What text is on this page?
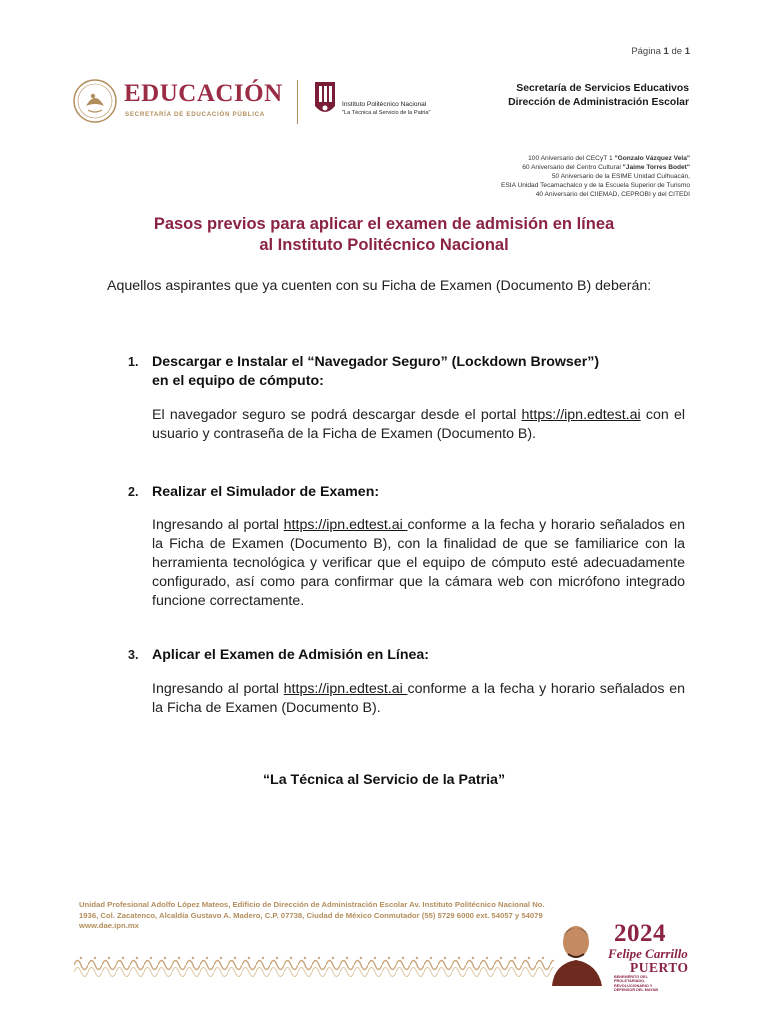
Página 1 de 1
EDUCACIÓN
SECRETARÍA DE EDUCACIÓN PÚBLICA
Instituto Politécnico Nacional
"La Técnica al Servicio de la Patria"
Secretaría de Servicios Educativos
Dirección de Administración Escolar
100 Aniversario del CECyT 1 "Gonzalo Vázquez Vela"
60 Aniversario del Centro Cultural "Jaime Torres Bodet"
50 Aniversario de la ESIME Unidad Culhuacán,
ESIA Unidad Tecamachalco y de la Escuela Superior de Turismo
40 Aniversario del CIIEMAD, CEPROBI y del CITEDI
Pasos previos para aplicar el examen de admisión en línea
al Instituto Politécnico Nacional
Aquellos aspirantes que ya cuenten con su Ficha de Examen (Documento B) deberán:
1. Descargar e Instalar el “Navegador Seguro” (Lockdown Browser”) en el equipo de cómputo:
El navegador seguro se podrá descargar desde el portal https://ipn.edtest.ai con el usuario y contraseña de la Ficha de Examen (Documento B).
2. Realizar el Simulador de Examen:
Ingresando al portal https://ipn.edtest.ai conforme a la fecha y horario señalados en la Ficha de Examen (Documento B), con la finalidad de que se familiarice con la herramienta tecnológica y verificar que el equipo de cómputo esté adecuadamente configurado, así como para confirmar que la cámara web con micrófono integrado funcione correctamente.
3. Aplicar el Examen de Admisión en Línea:
Ingresando al portal https://ipn.edtest.ai conforme a la fecha y horario señalados en la Ficha de Examen (Documento B).
“La Técnica al Servicio de la Patria”
Unidad Profesional Adolfo López Mateos, Edificio de Dirección de Administración Escolar Av. Instituto Politécnico Nacional No. 1936, Col. Zacatenco, Alcaldía Gustavo A. Madero, C.P. 07738, Ciudad de México Conmutador (55) 5729 6000 ext. 54057 y 54079 www.dae.ipn.mx	2024
Felipe Carrillo
PUERTO
BENEMÉRITO DEL PROLETARIADO, REVOLUCIONARIO Y DEFENSOR DEL MAYAB
